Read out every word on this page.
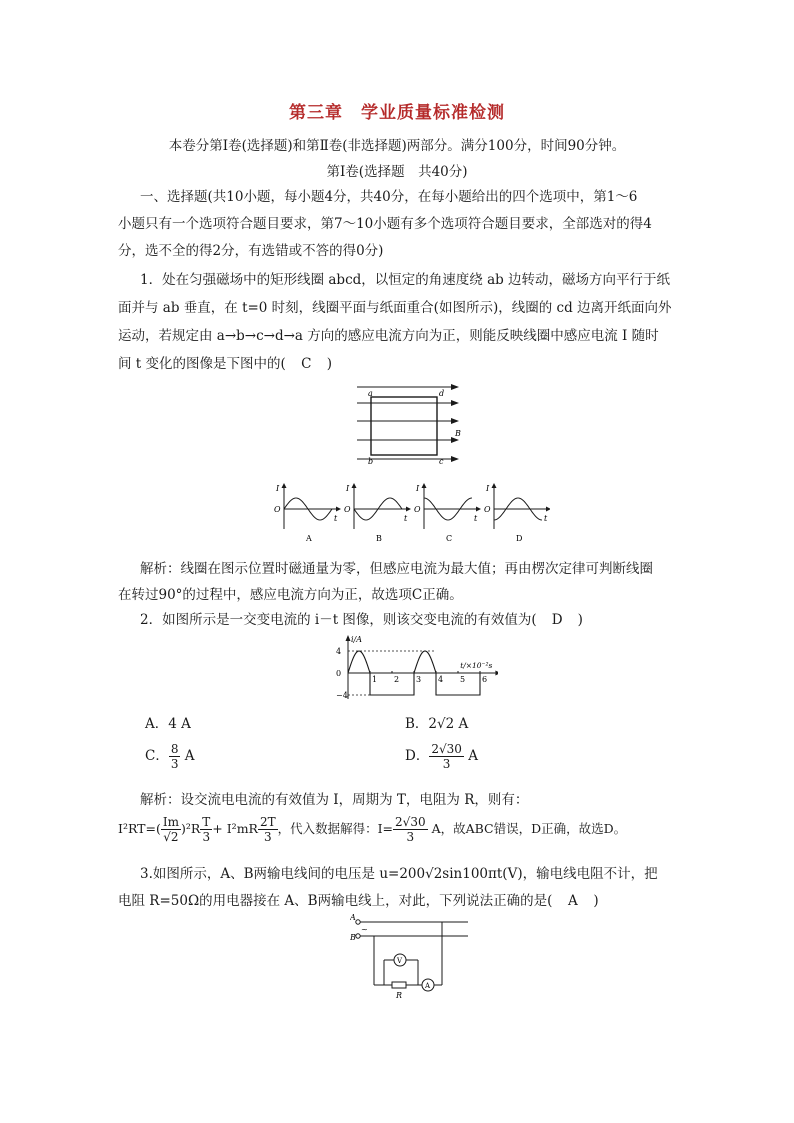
第三章　学业质量标准检测
本卷分第Ⅰ卷(选择题)和第Ⅱ卷(非选择题)两部分。满分100分，时间90分钟。
第Ⅰ卷(选择题　共40分)
一、选择题(共10小题，每小题4分，共40分，在每小题给出的四个选项中，第1～6
小题只有一个选项符合题目要求，第7～10小题有多个选项符合题目要求，全部选对的得4
分，选不全的得2分，有选错或不答的得0分)
1．处在匀强磁场中的矩形线圈 abcd，以恒定的角速度绕 ab 边转动，磁场方向平行于纸
面并与 ab 垂直，在 t=0 时刻，线圈平面与纸面重合(如图所示)，线圈的 cd 边离开纸面向外
运动，若规定由 a→b→c→d→a 方向的感应电流方向为正，则能反映线圈中感应电流 I 随时
间 t 变化的图像是下图中的(　C　)
a	d
b	c
B
I
O
t
A
I
O
t
B
I
O
t
C
I
O
t
D
解析：线圈在图示位置时磁通量为零，但感应电流为最大值；再由楞次定律可判断线圈
在转过90°的过程中，感应电流方向为正，故选项C正确。
2．如图所示是一交变电流的 i－t 图像，则该交变电流的有效值为(　D　)
1 2 3 4 5 6
4
0
−4
i/A
t/×10⁻²s
A．4 A	B．2√2 A
C． $\frac{8}{3}$ A	D． $\frac{2√30}{3}$ A
解析：设交流电电流的有效值为 I，周期为 T，电阻为 R，则有：
$I^2RT=( \frac{Im}{√2} )^2R \frac{T}{3} + I^2mR \frac{2T}{3}$ ，代入数据解得：$I= \frac{2√30}{3}$ A，故ABC错误，D正确，故选D。
3.如图所示，A、B两输电线间的电压是 u=200√2sin100πt(V)，输电线电阻不计，把
电阻 R=50Ω的用电器接在 A、B两输电线上，对此，下列说法正确的是(　A　)
A
B
~
V
A
R
